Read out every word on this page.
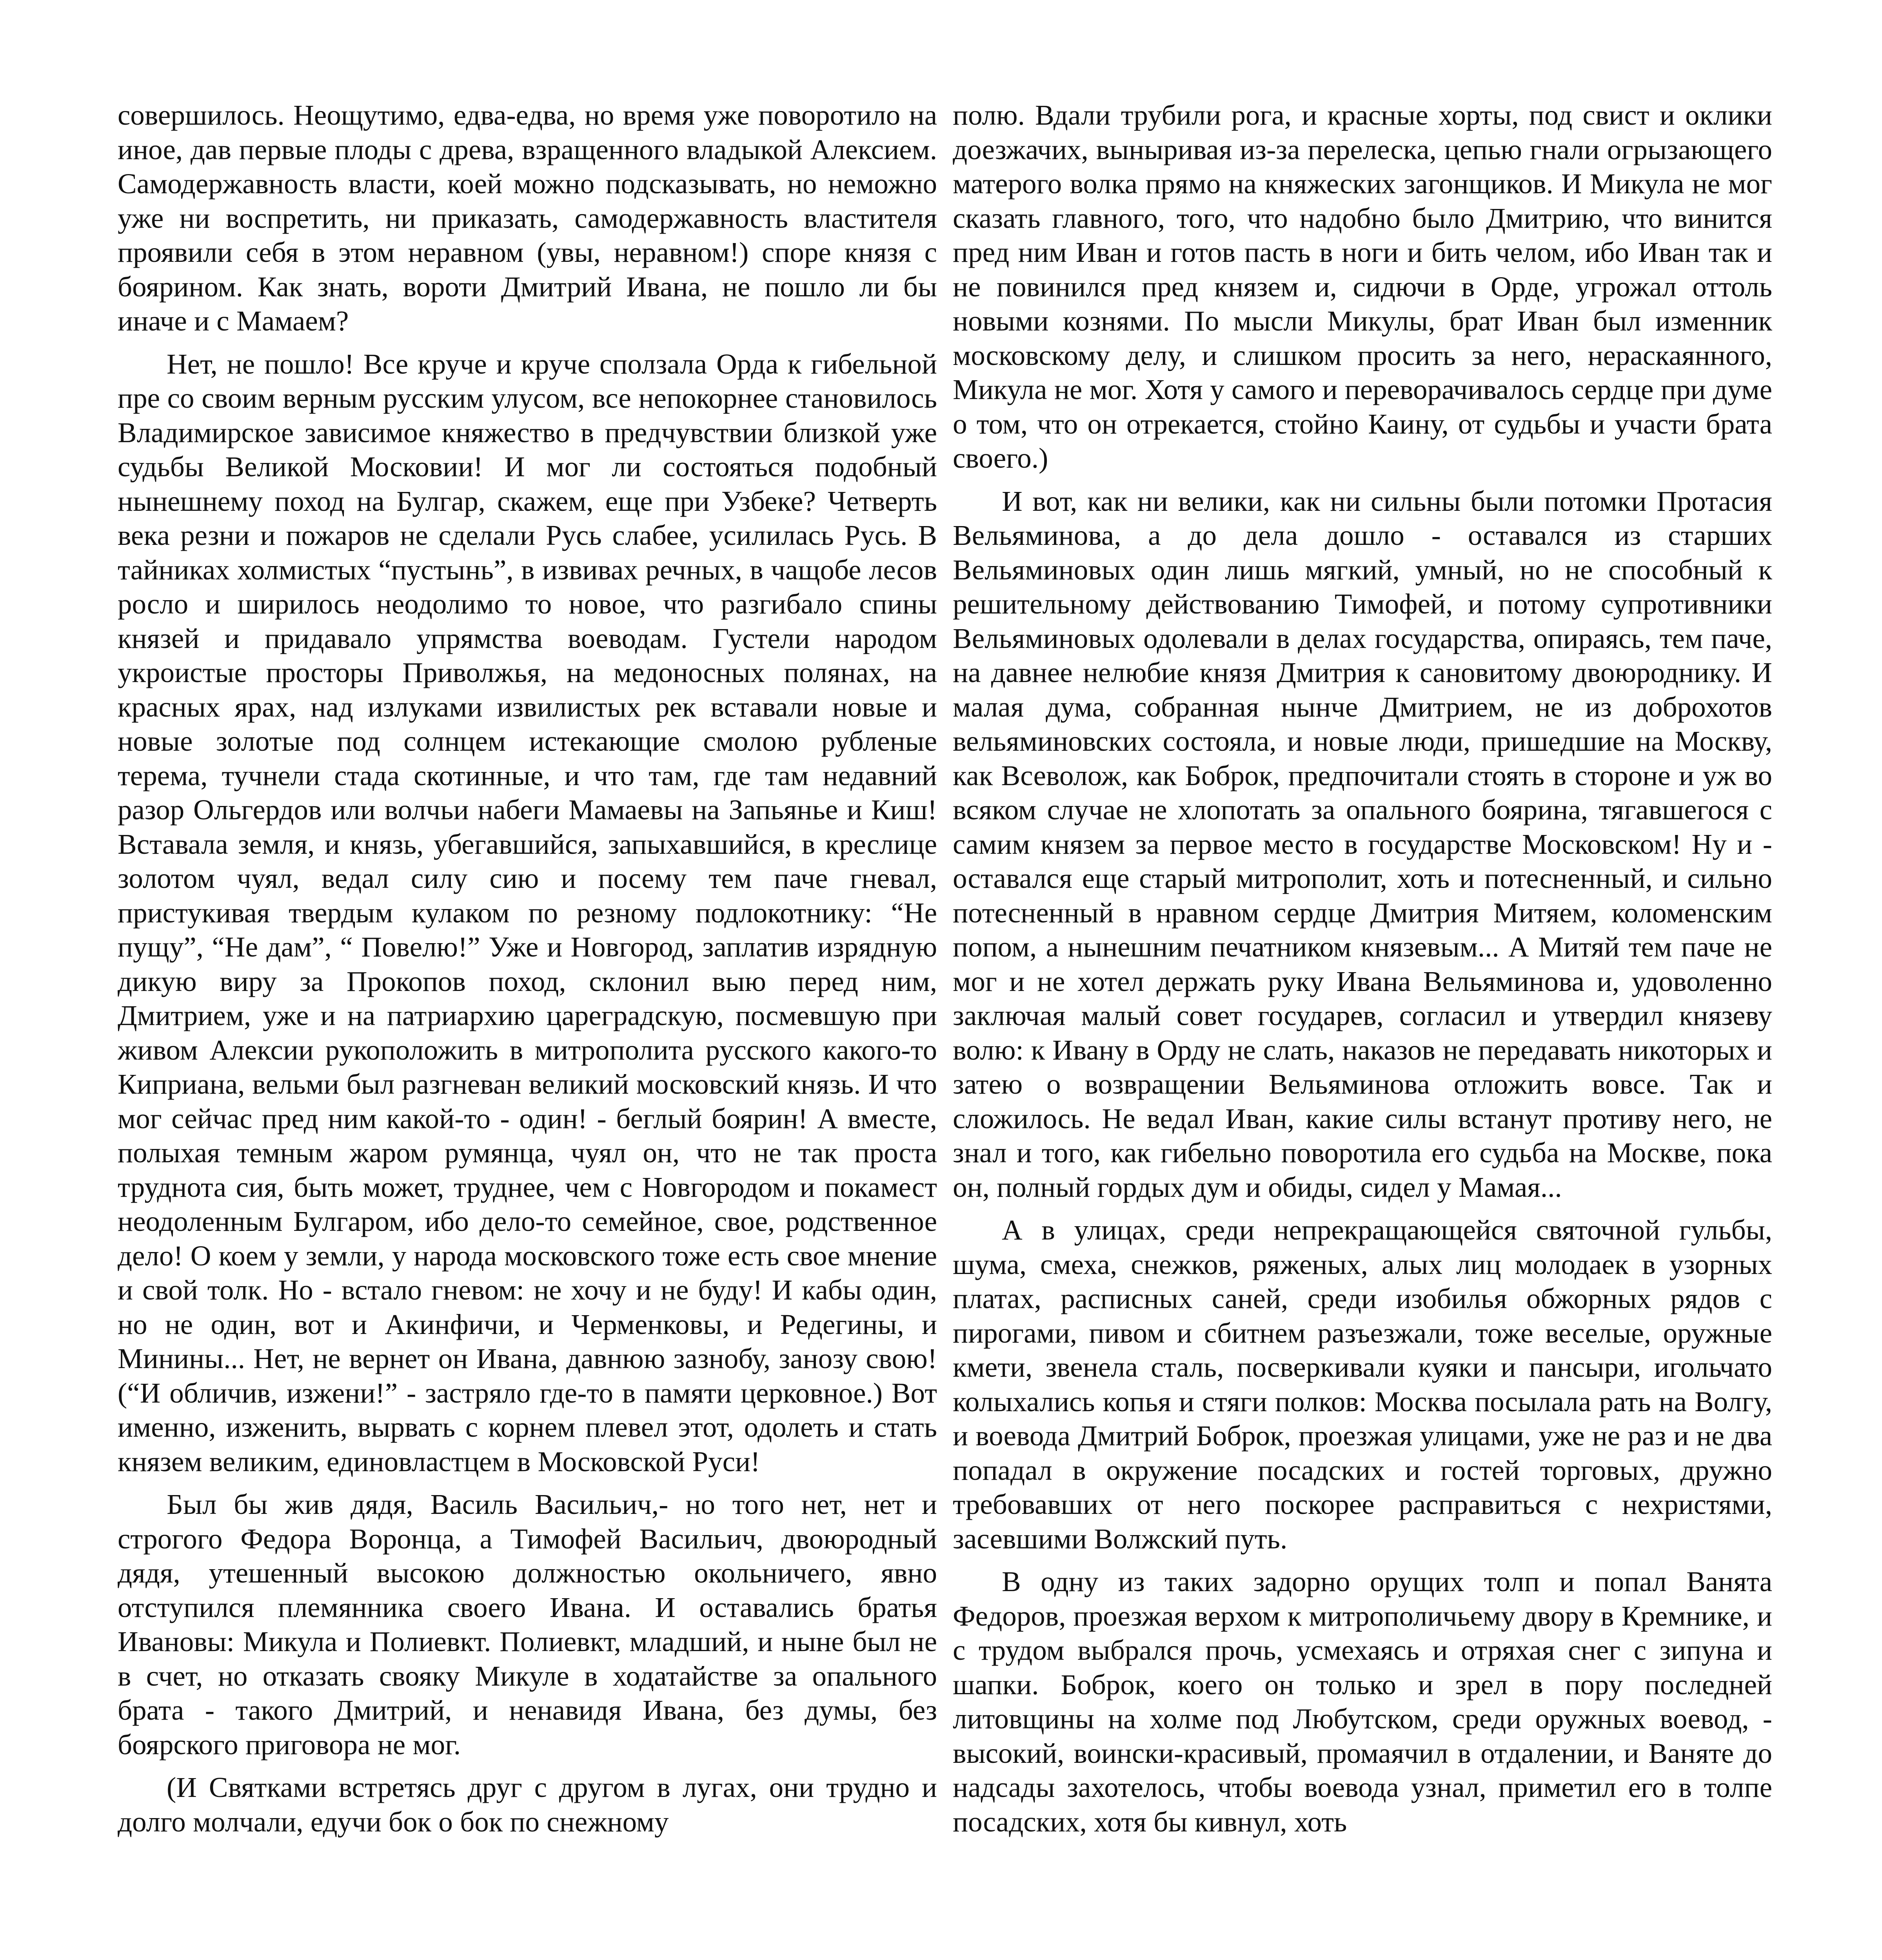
совершилось. Неощутимо, едва-едва, но время уже поворотило на иное, дав первые плоды с древа, взращенного владыкой Алексием. Самодержавность власти, коей можно подсказывать, но неможно уже ни воспретить, ни приказать, самодержавность властителя проявили себя в этом неравном (увы, неравном!) споре князя с боярином. Как знать, вороти Дмитрий Ивана, не пошло ли бы иначе и с Мамаем?

Нет, не пошло! Все круче и круче сползала Орда к гибельной пре со своим верным русским улусом, все непокорнее становилось Владимирское зависимое княжество в предчувствии близкой уже судьбы Великой Московии! И мог ли состояться подобный нынешнему поход на Булгар, скажем, еще при Узбеке? Четверть века резни и пожаров не сделали Русь слабее, усилилась Русь. В тайниках холмистых “пустынь”, в извивах речных, в чащобе лесов росло и ширилось неодолимо то новое, что разгибало спины князей и придавало упрямства воеводам. Густели народом укроистые просторы Приволжья, на медоносных полянах, на красных ярах, над излуками извилистых рек вставали новые и новые золотые под солнцем истекающие смолою рубленые терема, тучнели стада скотинные, и что там, где там недавний разор Ольгердов или волчьи набеги Мамаевы на Запьянье и Киш! Вставала земля, и князь, убегавшийся, запыхавшийся, в креслице золотом чуял, ведал силу сию и посему тем паче гневал, пристукивая твердым кулаком по резному подлокотнику: “Не пущу”, “Не дам”, “ Повелю!” Уже и Новгород, заплатив изрядную дикую виру за Прокопов поход, склонил выю перед ним, Дмитрием, уже и на патриархию цареградскую, посмевшую при живом Алексии рукоположить в митрополита русского какого-то Киприана, вельми был разгневан великий московский князь. И что мог сейчас пред ним какой-то - один! - беглый боярин! А вместе, полыхая темным жаром румянца, чуял он, что не так проста труднота сия, быть может, труднее, чем с Новгородом и покамест неодоленным Булгаром, ибо дело-то семейное, свое, родственное дело! О коем у земли, у народа московского тоже есть свое мнение и свой толк. Но - встало гневом: не хочу и не буду! И кабы один, но не один, вот и Акинфичи, и Черменковы, и Редегины, и Минины... Нет, не вернет он Ивана, давнюю зазнобу, занозу свою! (“И обличив, изжени!” - застряло где-то в памяти церковное.) Вот именно, изженить, вырвать с корнем плевел этот, одолеть и стать князем великим, единовластцем в Московской Руси!

Был бы жив дядя, Василь Васильич,- но того нет, нет и строгого Федора Воронца, а Тимофей Васильич, двоюродный дядя, утешенный высокою должностью окольничего, явно отступился племянника своего Ивана. И оставались братья Ивановы: Микула и Полиевкт. Полиевкт, младший, и ныне был не в счет, но отказать свояку Микуле в ходатайстве за опального брата - такого Дмитрий, и ненавидя Ивана, без думы, без боярского приговора не мог.

(И Святками встретясь друг с другом в лугах, они трудно и долго молчали, едучи бок о бок по снежному

полю. Вдали трубили рога, и красные хорты, под свист и оклики доезжачих, выныривая из-за перелеска, цепью гнали огрызающего матерого волка прямо на княжеских загонщиков. И Микула не мог сказать главного, того, что надобно было Дмитрию, что винится пред ним Иван и готов пасть в ноги и бить челом, ибо Иван так и не повинился пред князем и, сидючи в Орде, угрожал оттоль новыми кознями. По мысли Микулы, брат Иван был изменник московскому делу, и слишком просить за него, нераскаянного, Микула не мог. Хотя у самого и переворачивалось сердце при думе о том, что он отрекается, стойно Каину, от судьбы и участи брата своего.)

И вот, как ни велики, как ни сильны были потомки Протасия Вельяминова, а до дела дошло - оставался из старших Вельяминовых один лишь мягкий, умный, но не способный к решительному действованию Тимофей, и потому супротивники Вельяминовых одолевали в делах государства, опираясь, тем паче, на давнее нелюбие князя Дмитрия к сановитому двоюроднику. И малая дума, собранная нынче Дмитрием, не из доброхотов вельяминовских состояла, и новые люди, пришедшие на Москву, как Всеволож, как Боброк, предпочитали стоять в стороне и уж во всяком случае не хлопотать за опального боярина, тягавшегося с самим князем за первое место в государстве Московском! Ну и - оставался еще старый митрополит, хоть и потесненный, и сильно потесненный в нравном сердце Дмитрия Митяем, коломенским попом, а нынешним печатником князевым... А Митяй тем паче не мог и не хотел держать руку Ивана Вельяминова и, удоволенно заключая малый совет государев, согласил и утвердил князеву волю: к Ивану в Орду не слать, наказов не передавать никоторых и затею о возвращении Вельяминова отложить вовсе. Так и сложилось. Не ведал Иван, какие силы встанут противу него, не знал и того, как гибельно поворотила его судьба на Москве, пока он, полный гордых дум и обиды, сидел у Мамая...

А в улицах, среди непрекращающейся святочной гульбы, шума, смеха, снежков, ряженых, алых лиц молодаек в узорных платах, расписных саней, среди изобилья обжорных рядов с пирогами, пивом и сбитнем разъезжали, тоже веселые, оружные кмети, звенела сталь, посверкивали куяки и пансыри, игольчато колыхались копья и стяги полков: Москва посылала рать на Волгу, и воевода Дмитрий Боброк, проезжая улицами, уже не раз и не два попадал в окружение посадских и гостей торговых, дружно требовавших от него поскорее расправиться с нехристями, засевшими Волжский путь.

В одну из таких задорно орущих толп и попал Ванята Федоров, проезжая верхом к митрополичьему двору в Кремнике, и с трудом выбрался прочь, усмехаясь и отряхая снег с зипуна и шапки. Боброк, коего он только и зрел в пору последней литовщины на холме под Любутском, среди оружных воевод, - высокий, воински-красивый, промаячил в отдалении, и Ваняте до надсады захотелось, чтобы воевода узнал, приметил его в толпе посадских, хотя бы кивнул, хоть
